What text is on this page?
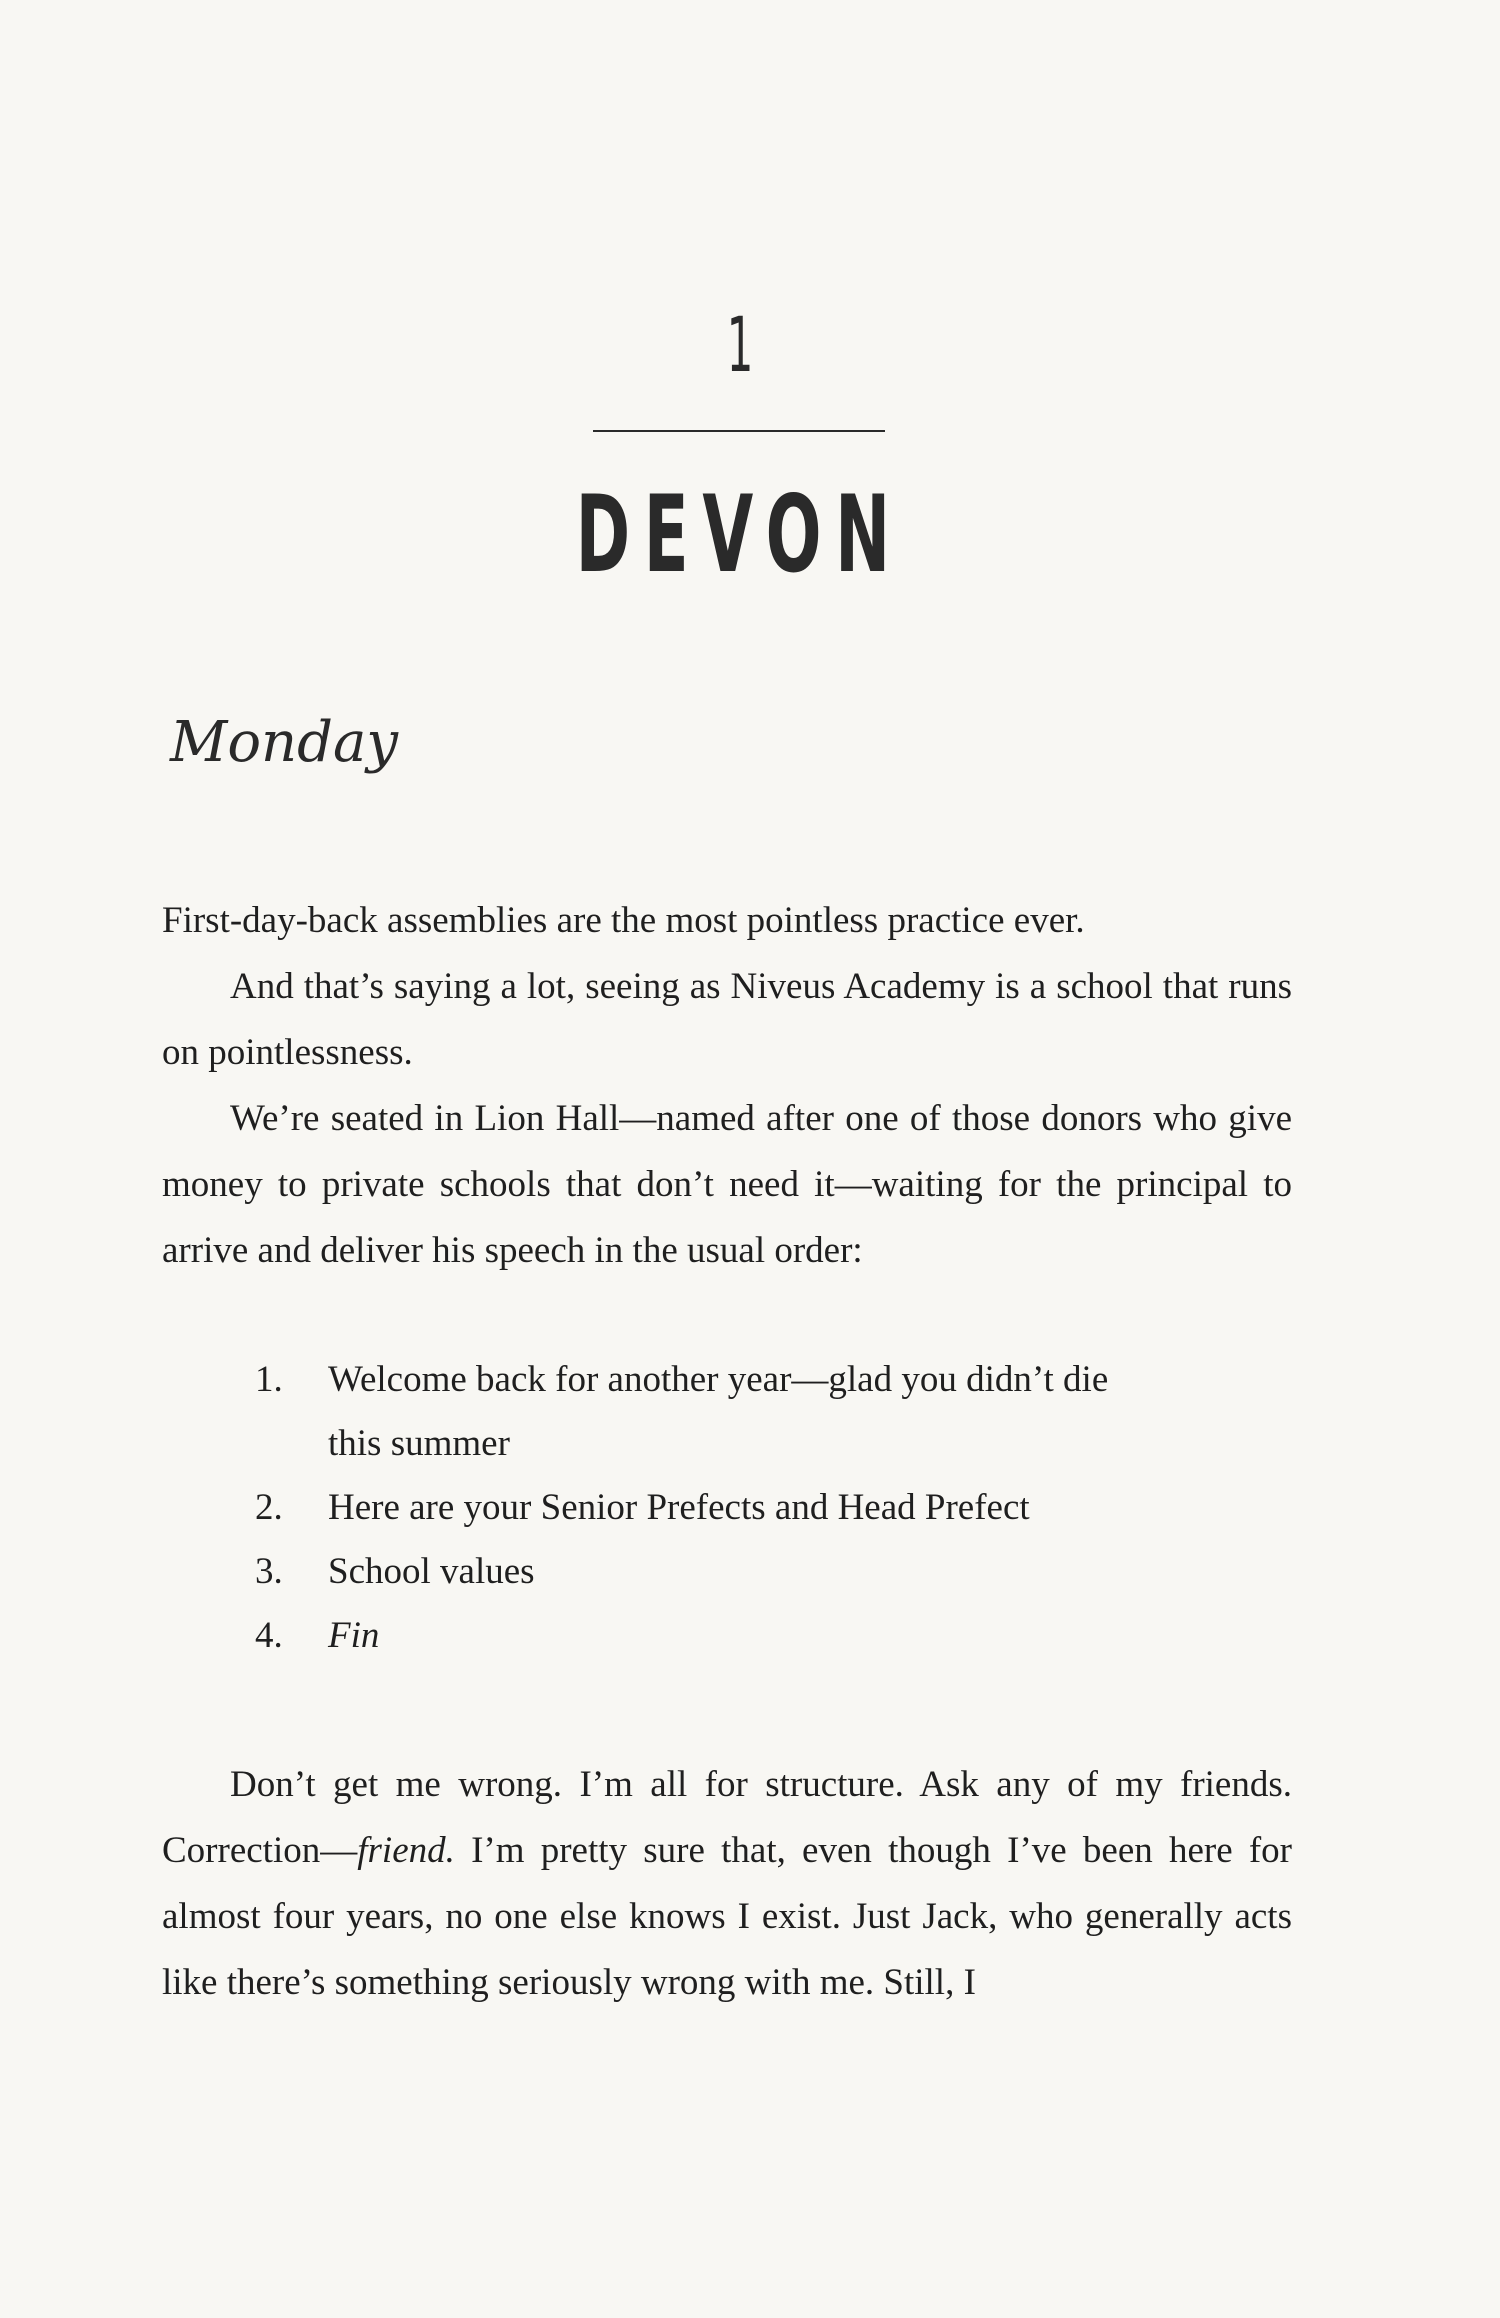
1
DEVON
Monday

First-day-back assemblies are the most pointless practice ever.

And that’s saying a lot, seeing as Niveus Academy is a school that runs on pointlessness.

We’re seated in Lion Hall—named after one of those donors who give money to private schools that don’t need it—waiting for the principal to arrive and deliver his speech in the usual order:

1.	Welcome back for another year—glad you didn’t die this summer
2.	Here are your Senior Prefects and Head Prefect
3.	School values
4.	Fin

Don’t get me wrong. I’m all for structure. Ask any of my friends. Correction—friend. I’m pretty sure that, even though I’ve been here for almost four years, no one else knows I exist. Just Jack, who generally acts like there’s something seriously wrong with me. Still, I
